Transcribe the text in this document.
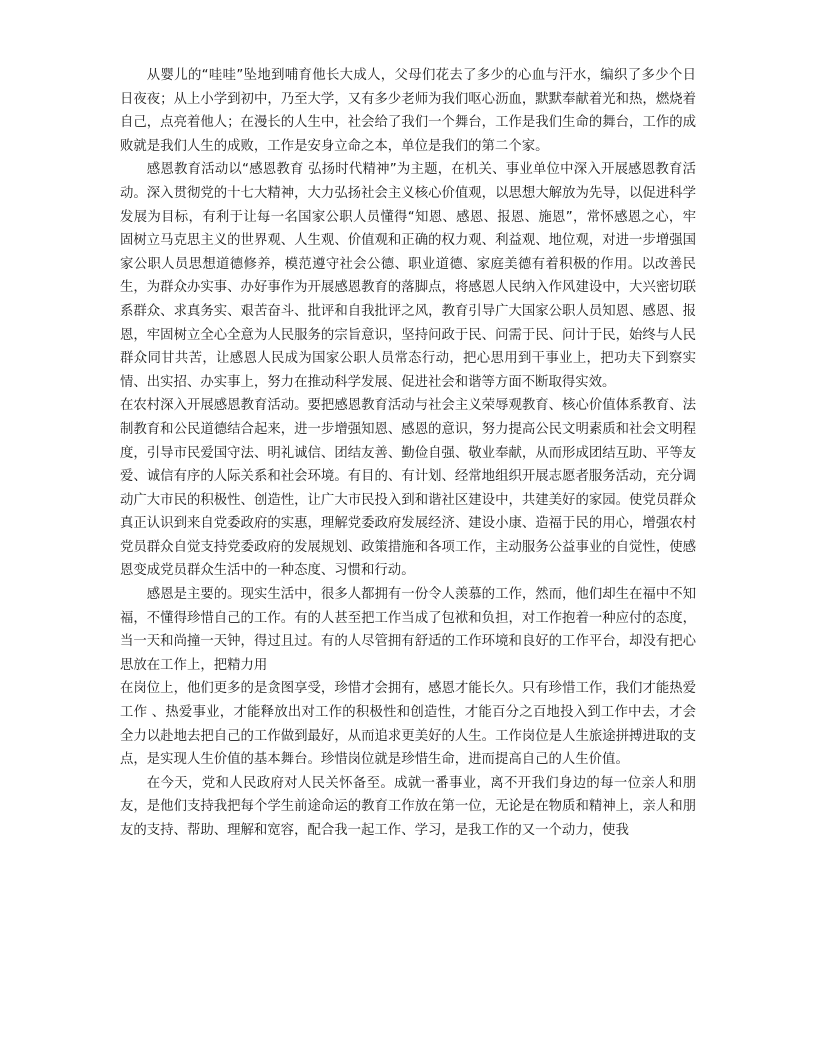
从婴儿的“哇哇”坠地到哺育他长大成人，父母们花去了多少的心血与汗水，编织了多少个日日夜夜；从上小学到初中，乃至大学，又有多少老师为我们呕心沥血，默默奉献着光和热，燃烧着自己，点亮着他人；在漫长的人生中，社会给了我们一个舞台，工作是我们生命的舞台，工作的成败就是我们人生的成败，工作是安身立命之本，单位是我们的第二个家。

感恩教育活动以“感恩教育 弘扬时代精神”为主题，在机关、事业单位中深入开展感恩教育活动。深入贯彻党的十七大精神，大力弘扬社会主义核心价值观，以思想大解放为先导，以促进科学发展为目标，有利于让每一名国家公职人员懂得“知恩、感恩、报恩、施恩”，常怀感恩之心，牢固树立马克思主义的世界观、人生观、价值观和正确的权力观、利益观、地位观，对进一步增强国家公职人员思想道德修养，模范遵守社会公德、职业道德、家庭美德有着积极的作用。以改善民生，为群众办实事、办好事作为开展感恩教育的落脚点，将感恩人民纳入作风建设中，大兴密切联系群众、求真务实、艰苦奋斗、批评和自我批评之风，教育引导广大国家公职人员知恩、感恩、报恩，牢固树立全心全意为人民服务的宗旨意识，坚持问政于民、问需于民、问计于民，始终与人民群众同甘共苦，让感恩人民成为国家公职人员常态行动，把心思用到干事业上，把功夫下到察实情、出实招、办实事上，努力在推动科学发展、促进社会和谐等方面不断取得实效。

在农村深入开展感恩教育活动。要把感恩教育活动与社会主义荣辱观教育、核心价值体系教育、法制教育和公民道德结合起来，进一步增强知恩、感恩的意识，努力提高公民文明素质和社会文明程度，引导市民爱国守法、明礼诚信、团结友善、勤俭自强、敬业奉献，从而形成团结互助、平等友爱、诚信有序的人际关系和社会环境。有目的、有计划、经常地组织开展志愿者服务活动，充分调动广大市民的积极性、创造性，让广大市民投入到和谐社区建设中，共建美好的家园。使党员群众真正认识到来自党委政府的实惠，理解党委政府发展经济、建设小康、造福于民的用心，增强农村党员群众自觉支持党委政府的发展规划、政策措施和各项工作，主动服务公益事业的自觉性，使感恩变成党员群众生活中的一种态度、习惯和行动。

感恩是主要的。现实生活中，很多人都拥有一份令人羡慕的工作，然而，他们却生在福中不知福，不懂得珍惜自己的工作。有的人甚至把工作当成了包袱和负担，对工作抱着一种应付的态度，当一天和尚撞一天钟，得过且过。有的人尽管拥有舒适的工作环境和良好的工作平台，却没有把心思放在工作上，把精力用

在岗位上，他们更多的是贪图享受，珍惜才会拥有，感恩才能长久。只有珍惜工作，我们才能热爱工作 、热爱事业，才能释放出对工作的积极性和创造性，才能百分之百地投入到工作中去，才会全力以赴地去把自己的工作做到最好，从而追求更美好的人生。工作岗位是人生旅途拼搏进取的支点，是实现人生价值的基本舞台。珍惜岗位就是珍惜生命，进而提高自己的人生价值。

在今天，党和人民政府对人民关怀备至。成就一番事业，离不开我们身边的每一位亲人和朋友，是他们支持我把每个学生前途命运的教育工作放在第一位，无论是在物质和精神上，亲人和朋友的支持、帮助、理解和宽容，配合我一起工作、学习，是我工作的又一个动力，使我
